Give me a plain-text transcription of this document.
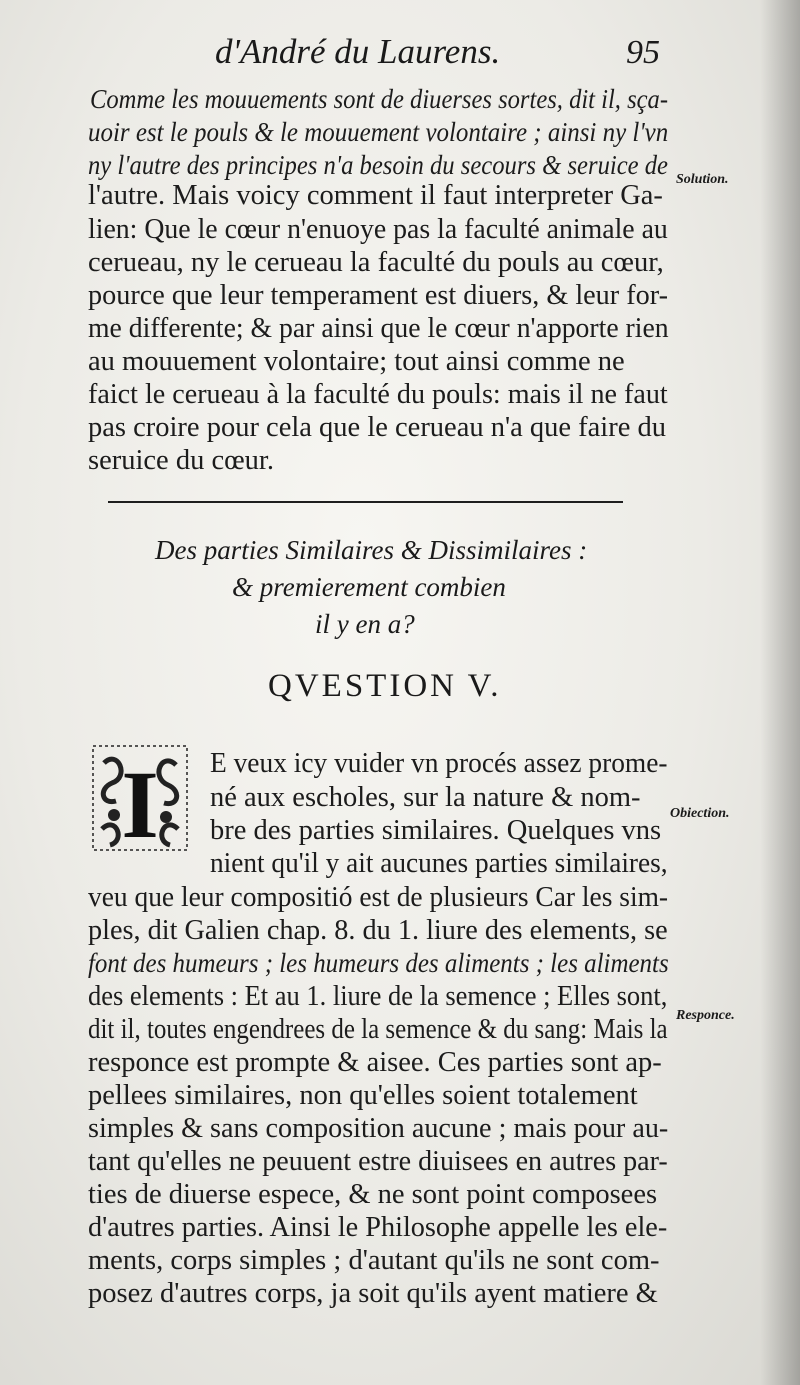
d'André du Laurens.	95
Comme les mouuements sont de diuerses sortes, dit il, sça-
uoir est le pouls & le mouuement volontaire ; ainsi ny l'vn
ny l'autre des principes n'a besoin du secours & seruice de
l'autre. Mais voicy comment il faut interpreter Ga-
lien: Que le cœur n'enuoye pas la faculté animale au
cerueau, ny le cerueau la faculté du pouls au cœur,
pource que leur temperament est diuers, & leur for-
me differente; & par ainsi que le cœur n'apporte rien
au mouuement volontaire; tout ainsi comme ne
faict le cerueau à la faculté du pouls: mais il ne faut
pas croire pour cela que le cerueau n'a que faire du
seruice du cœur.
Solution.
Des parties Similaires & Dissimilaires :
& premierement combien
il y en a?
QVESTION V.
I E veux icy vuider vn procés assez prome-
né aux escholes, sur la nature & nom-
bre des parties similaires. Quelques vns
nient qu'il y ait aucunes parties similaires,
veu que leur compositió est de plusieurs Car les sim-
ples, dit Galien chap. 8. du 1. liure des elements, se
font des humeurs ; les humeurs des aliments ; les aliments
des elements : Et au 1. liure de la semence ; Elles sont,
dit il, toutes engendrees de la semence & du sang: Mais la
responce est prompte & aisee. Ces parties sont ap-
pellees similaires, non qu'elles soient totalement
simples & sans composition aucune ; mais pour au-
tant qu'elles ne peuuent estre diuisees en autres par-
ties de diuerse espece, & ne sont point composees
d'autres parties. Ainsi le Philosophe appelle les ele-
ments, corps simples ; d'autant qu'ils ne sont com-
posez d'autres corps, ja soit qu'ils ayent matiere &
Obiection.
Responce.
